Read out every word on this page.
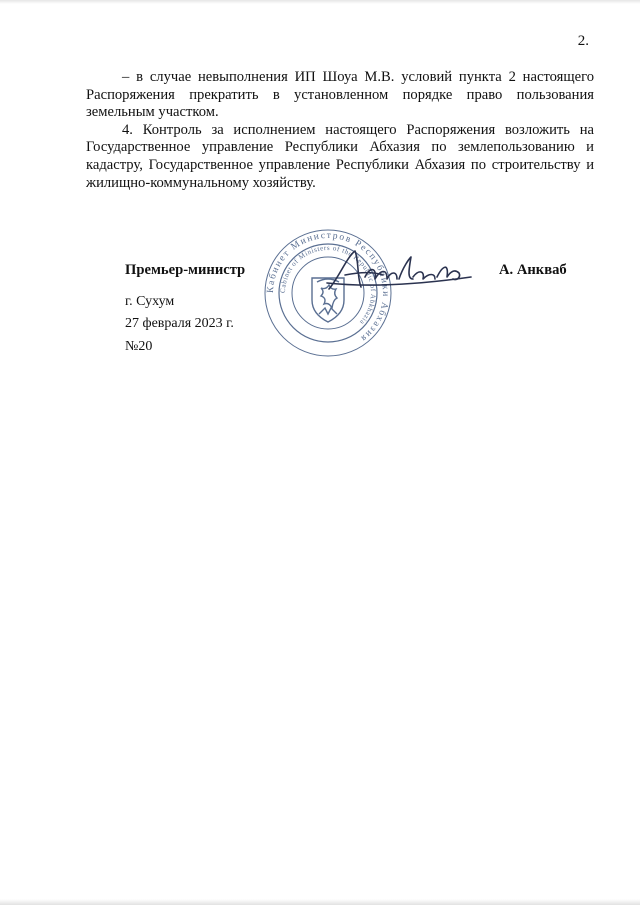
2.

– в случае невыполнения ИП Шоуа М.В. условий пункта 2 настоящего Распоряжения прекратить в установленном порядке право пользования земельным участком.

4. Контроль за исполнением настоящего Распоряжения возложить на Государственное управление Республики Абхазия по землепользованию и кадастру, Государственное управление Республики Абхазия по строительству и жилищно-коммунальному хозяйству.

Премьер-министр	А. Анкваб
г. Сухум
27 февраля 2023 г.
№20
Кабинет Министров Республики Абхазия
Cabinet of Ministers of the Republic of Abkhazia
